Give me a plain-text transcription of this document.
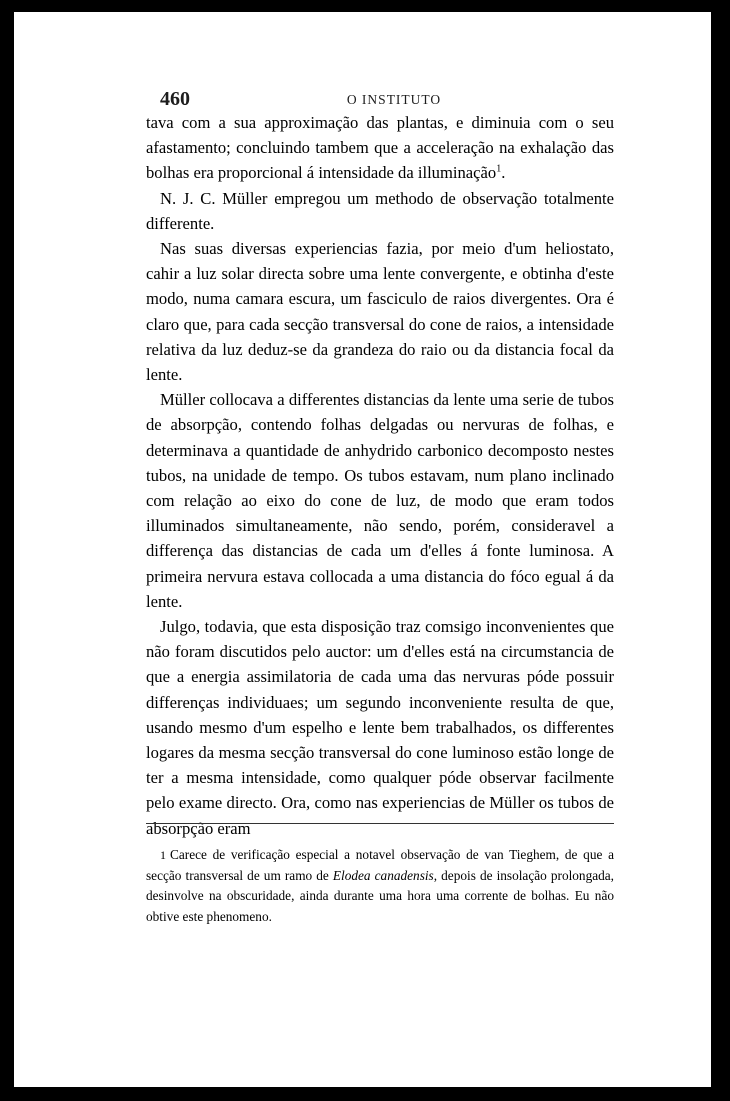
460	O INSTITUTO

tava com a sua approximação das plantas, e diminuia com o seu afastamento; concluindo tambem que a acceleração na exhalação das bolhas era proporcional á intensidade da illuminação$^1$.

N. J. C. Müller empregou um methodo de observação totalmente differente.

Nas suas diversas experiencias fazia, por meio d'um heliostato, cahir a luz solar directa sobre uma lente convergente, e obtinha d'este modo, numa camara escura, um fasciculo de raios divergentes. Ora é claro que, para cada secção transversal do cone de raios, a intensidade relativa da luz deduz-se da grandeza do raio ou da distancia focal da lente.

Müller collocava a differentes distancias da lente uma serie de tubos de absorpção, contendo folhas delgadas ou nervuras de folhas, e determinava a quantidade de anhydrido carbonico decomposto nestes tubos, na unidade de tempo. Os tubos estavam, num plano inclinado com relação ao eixo do cone de luz, de modo que eram todos illuminados simultaneamente, não sendo, porém, consideravel a differença das distancias de cada um d'elles á fonte luminosa. A primeira nervura estava collocada a uma distancia do fóco egual á da lente.

Julgo, todavia, que esta disposição traz comsigo inconvenientes que não foram discutidos pelo auctor: um d'elles está na circumstancia de que a energia assimilatoria de cada uma das nervuras póde possuir differenças individuaes; um segundo inconveniente resulta de que, usando mesmo d'um espelho e lente bem trabalhados, os differentes logares da mesma secção transversal do cone luminoso estão longe de ter a mesma intensidade, como qualquer póde observar facilmente pelo exame directo. Ora, como nas experiencias de Müller os tubos de absorpção eram

1 Carece de verificação especial a notavel observação de van Tieghem, de que a secção transversal de um ramo de Elodea canadensis, depois de insolação prolongada, desinvolve na obscuridade, ainda durante uma hora uma corrente de bolhas. Eu não obtive este phenomeno.
